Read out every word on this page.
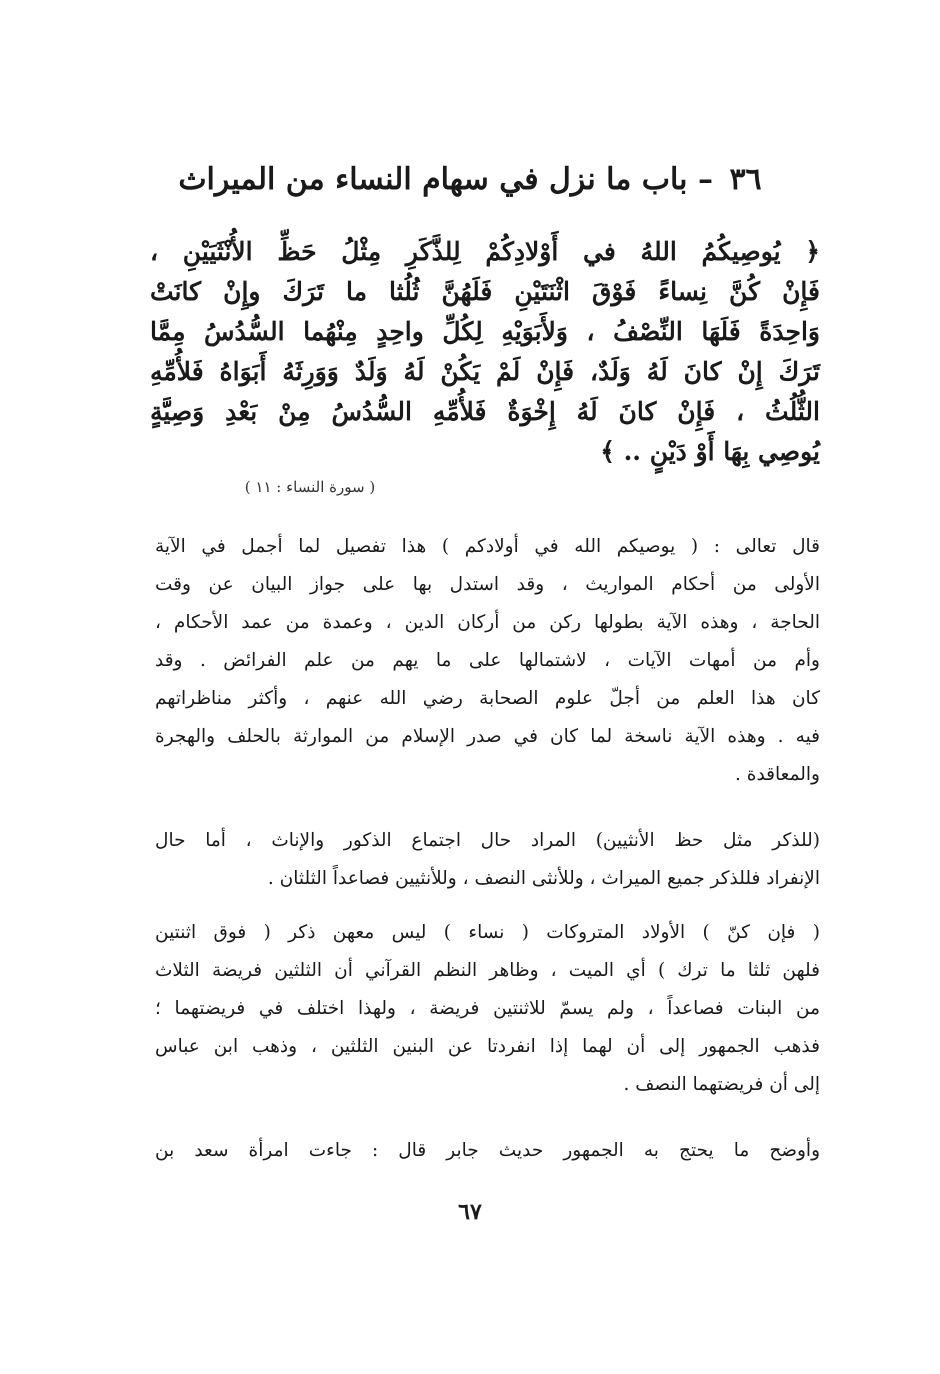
٣٦ – باب ما نزل في سهام النساء من الميراث

﴿ يُوصِيكُمُ اللهُ في أَوْلادِكُمْ لِلذَّكَرِ مِثْلُ حَظِّ الأُنْثَيَيْنِ ،
فَإِنْ كُنَّ نِساءً فَوْقَ اثْنَتَيْنِ فَلَهُنَّ ثُلُثا ما تَرَكَ وإِنْ كانَتْ
وَاحِدَةً فَلَهَا النِّصْفُ ، وَلأَبَوَيْهِ لِكُلِّ واحِدٍ مِنْهُما السُّدُسُ مِمَّا
تَرَكَ إِنْ كانَ لَهُ وَلَدٌ، فَإِنْ لَمْ يَكُنْ لَهُ وَلَدٌ وَوَرِثَهُ أَبَوَاهُ فَلأُمِّهِ
الثُّلُثُ ، فَإِنْ كانَ لَهُ إِخْوَةٌ فَلأُمِّهِ السُّدُسُ مِنْ بَعْدِ وَصِيَّةٍ
يُوصِي بِهَا أَوْ دَيْنٍ .. ﴾

( سورة النساء : ١١ )

قال تعالى : ( يوصيكم الله في أولادكم ) هذا تفصيل لما أجمل في الآية
الأولى من أحكام المواريث ، وقد استدل بها على جواز البيان عن وقت
الحاجة ، وهذه الآية بطولها ركن من أركان الدين ، وعمدة من عمد الأحكام ،
وأم من أمهات الآيات ، لاشتمالها على ما يهم من علم الفرائض . وقد
كان هذا العلم من أجلّ علوم الصحابة رضي الله عنهم ، وأكثر مناظراتهم
فيه . وهذه الآية ناسخة لما كان في صدر الإسلام من الموارثة بالحلف والهجرة
والمعاقدة .

(للذكر مثل حظ الأنثيين) المراد حال اجتماع الذكور والإناث ، أما حال
الإنفراد فللذكر جميع الميراث ، وللأنثى النصف ، وللأنثيين فصاعداً الثلثان .

( فإن كنّ ) الأولاد المتروكات ( نساء ) ليس معهن ذكر ( فوق اثنتين
فلهن ثلثا ما ترك ) أي الميت ، وظاهر النظم القرآني أن الثلثين فريضة الثلاث
من البنات فصاعداً ، ولم يسمّ للاثنتين فريضة ، ولهذا اختلف في فريضتهما ؛
فذهب الجمهور إلى أن لهما إذا انفردتا عن البنين الثلثين ، وذهب ابن عباس
إلى أن فريضتهما النصف .

وأوضح ما يحتج به الجمهور حديث جابر قال : جاءت امرأة سعد بن

٦٧
